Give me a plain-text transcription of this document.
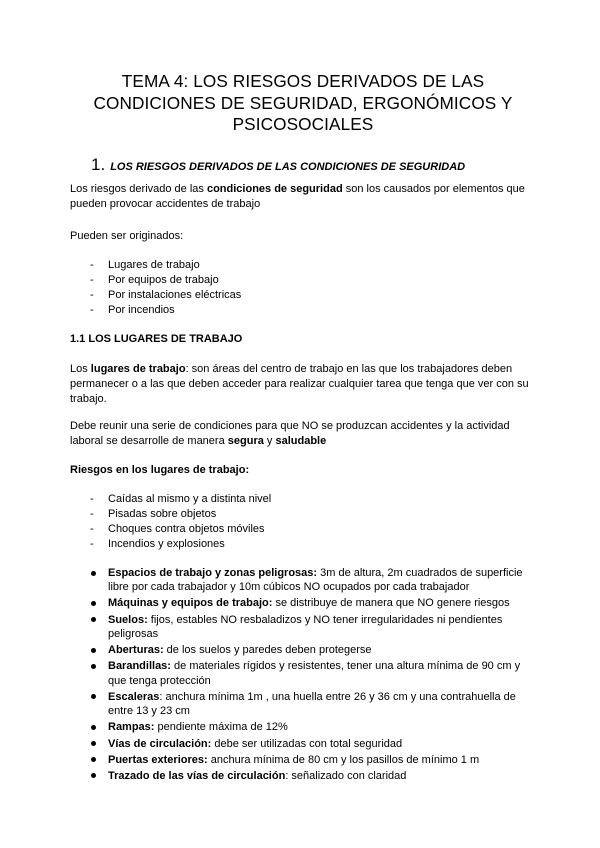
TEMA 4: LOS RIESGOS DERIVADOS DE LAS
CONDICIONES DE SEGURIDAD, ERGONÓMICOS Y
PSICOSOCIALES
1. LOS RIESGOS DERIVADOS DE LAS CONDICIONES DE SEGURIDAD
Los riesgos derivado de las condiciones de seguridad son los causados por elementos que pueden provocar accidentes de trabajo
Pueden ser originados:
- Lugares de trabajo
- Por equipos de trabajo
- Por instalaciones eléctricas
- Por incendios
1.1 LOS LUGARES DE TRABAJO
Los lugares de trabajo: son áreas del centro de trabajo en las que los trabajadores deben permanecer o a las que deben acceder para realizar cualquier tarea que tenga que ver con su trabajo.
Debe reunir una serie de condiciones para que NO se produzcan accidentes y la actividad laboral se desarrolle de manera segura y saludable
Riesgos en los lugares de trabajo:
- Caídas al mismo y a distinta nivel
- Pisadas sobre objetos
- Choques contra objetos móviles
- Incendios y explosiones
Espacios de trabajo y zonas peligrosas: 3m de altura, 2m cuadrados de superficie libre por cada trabajador y 10m cúbicos NO ocupados por cada trabajador
Máquinas y equipos de trabajo: se distribuye de manera que NO genere riesgos
Suelos: fijos, estables NO resbaladizos y NO tener irregularidades ni pendientes peligrosas
Aberturas: de los suelos y paredes deben protegerse
Barandillas: de materiales rígidos y resistentes, tener una altura mínima de 90 cm y que tenga protección
Escaleras: anchura mínima 1m , una huella entre 26 y 36 cm y una contrahuella de entre 13 y 23 cm
Rampas: pendiente máxima de 12%
Vías de circulación: debe ser utilizadas con total seguridad
Puertas exteriores: anchura mínima de 80 cm y los pasillos de mínimo 1 m
Trazado de las vías de circulación: señalizado con claridad
